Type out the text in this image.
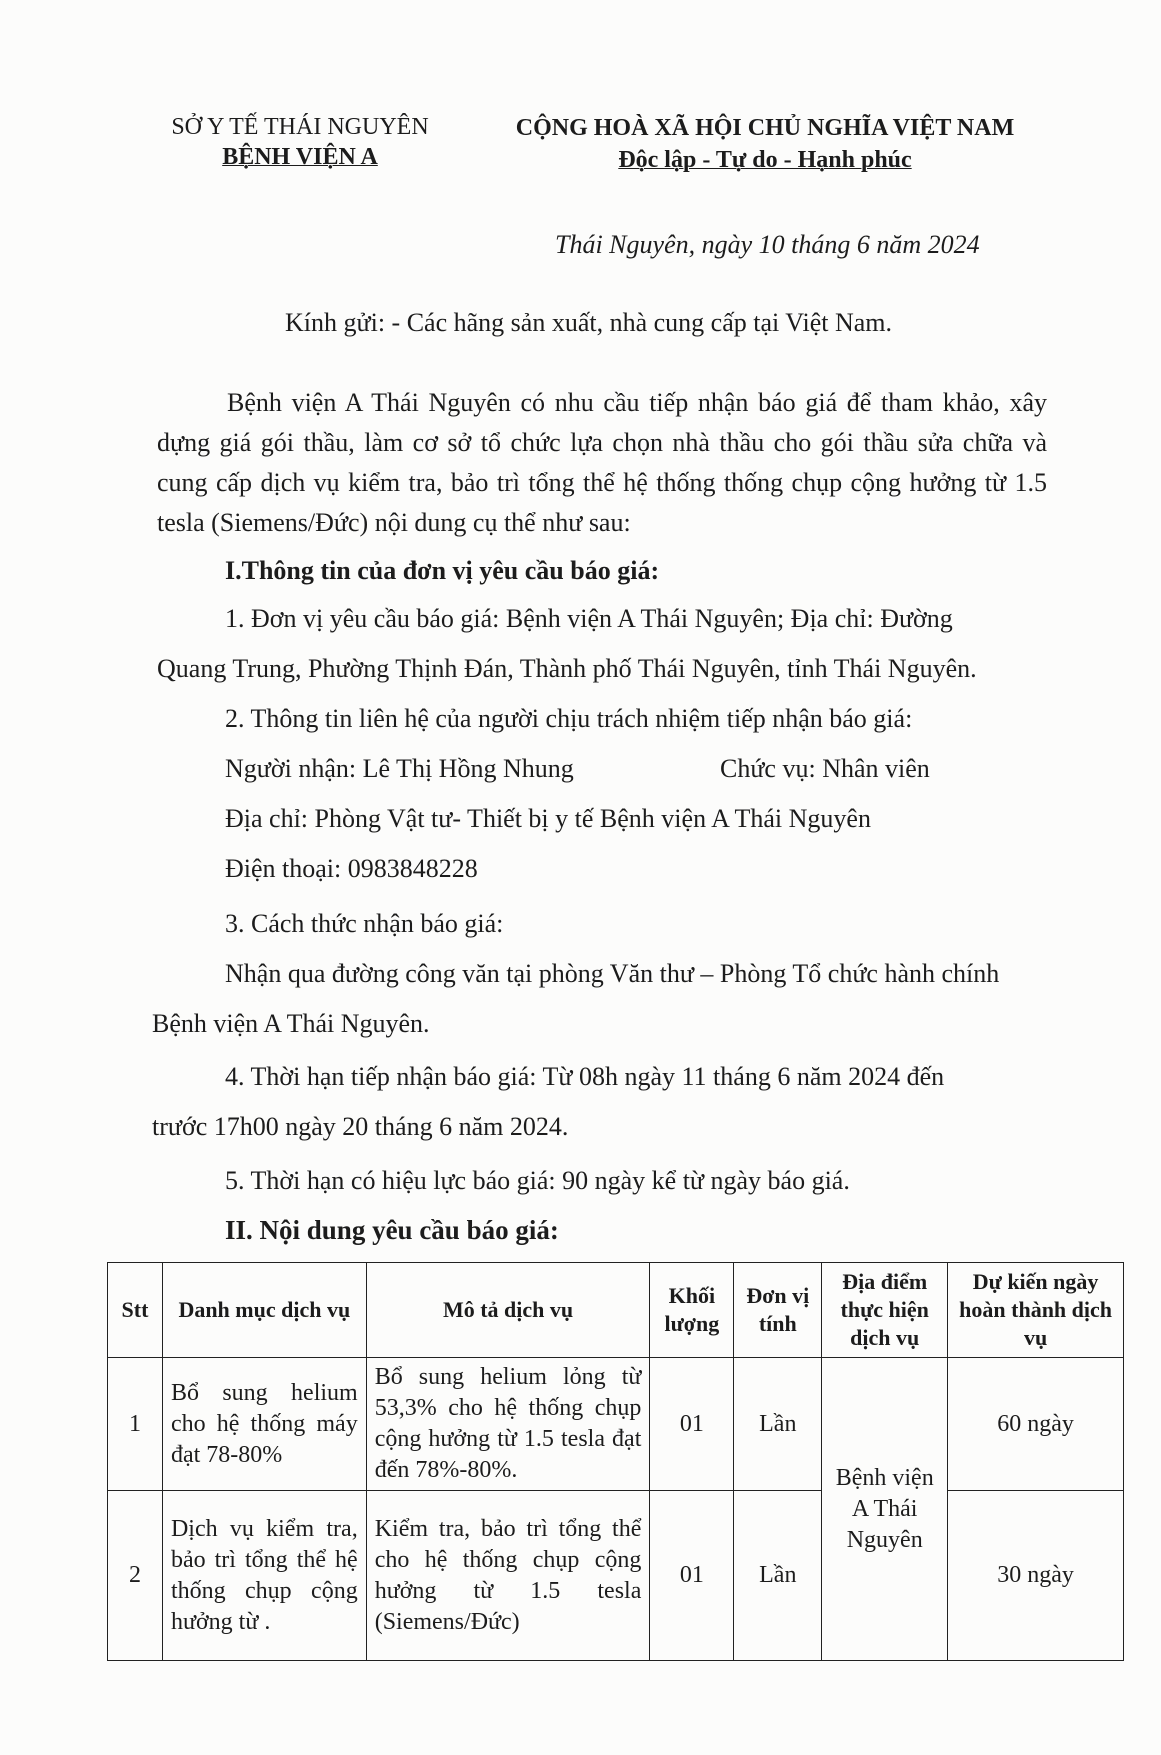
SỞ Y TẾ THÁI NGUYÊN
BỆNH VIỆN A
CỘNG HOÀ XÃ HỘI CHỦ NGHĨA VIỆT NAM
Độc lập - Tự do - Hạnh phúc
Thái Nguyên, ngày 10 tháng 6 năm 2024
Kính gửi: - Các hãng sản xuất, nhà cung cấp tại Việt Nam.
Bệnh viện A Thái Nguyên có nhu cầu tiếp nhận báo giá để tham khảo, xây dựng giá gói thầu, làm cơ sở tổ chức lựa chọn nhà thầu cho gói thầu sửa chữa và cung cấp dịch vụ kiểm tra, bảo trì tổng thể hệ thống thống chụp cộng hưởng từ 1.5 tesla (Siemens/Đức) nội dung cụ thể như sau:
I.Thông tin của đơn vị yêu cầu báo giá:
1. Đơn vị yêu cầu báo giá: Bệnh viện A Thái Nguyên; Địa chỉ: Đường
Quang Trung, Phường Thịnh Đán, Thành phố Thái Nguyên, tỉnh Thái Nguyên.
2. Thông tin liên hệ của người chịu trách nhiệm tiếp nhận báo giá:
Người nhận: Lê Thị Hồng Nhung	Chức vụ: Nhân viên
Địa chỉ: Phòng Vật tư- Thiết bị y tế Bệnh viện A Thái Nguyên
Điện thoại: 0983848228
3. Cách thức nhận báo giá:
Nhận qua đường công văn tại phòng Văn thư – Phòng Tổ chức hành chính
Bệnh viện A Thái Nguyên.
4. Thời hạn tiếp nhận báo giá: Từ 08h ngày 11 tháng 6 năm 2024 đến
trước 17h00 ngày 20 tháng 6 năm 2024.
5. Thời hạn có hiệu lực báo giá: 90 ngày kể từ ngày báo giá.
II. Nội dung yêu cầu báo giá:
Stt	Danh mục dịch vụ	Mô tả dịch vụ	Khối lượng	Đơn vị tính	Địa điểm thực hiện dịch vụ	Dự kiến ngày hoàn thành dịch vụ
1	Bổ sung helium cho hệ thống máy đạt 78-80%	Bổ sung helium lỏng từ 53,3% cho hệ thống chụp cộng hưởng từ 1.5 tesla đạt đến 78%-80%.	01	Lần	Bệnh viện A Thái Nguyên	60 ngày
2	Dịch vụ kiểm tra, bảo trì tổng thể hệ thống chụp cộng hưởng từ .	Kiểm tra, bảo trì tổng thể cho hệ thống chụp cộng hưởng từ 1.5 tesla (Siemens/Đức)	01	Lần		30 ngày
